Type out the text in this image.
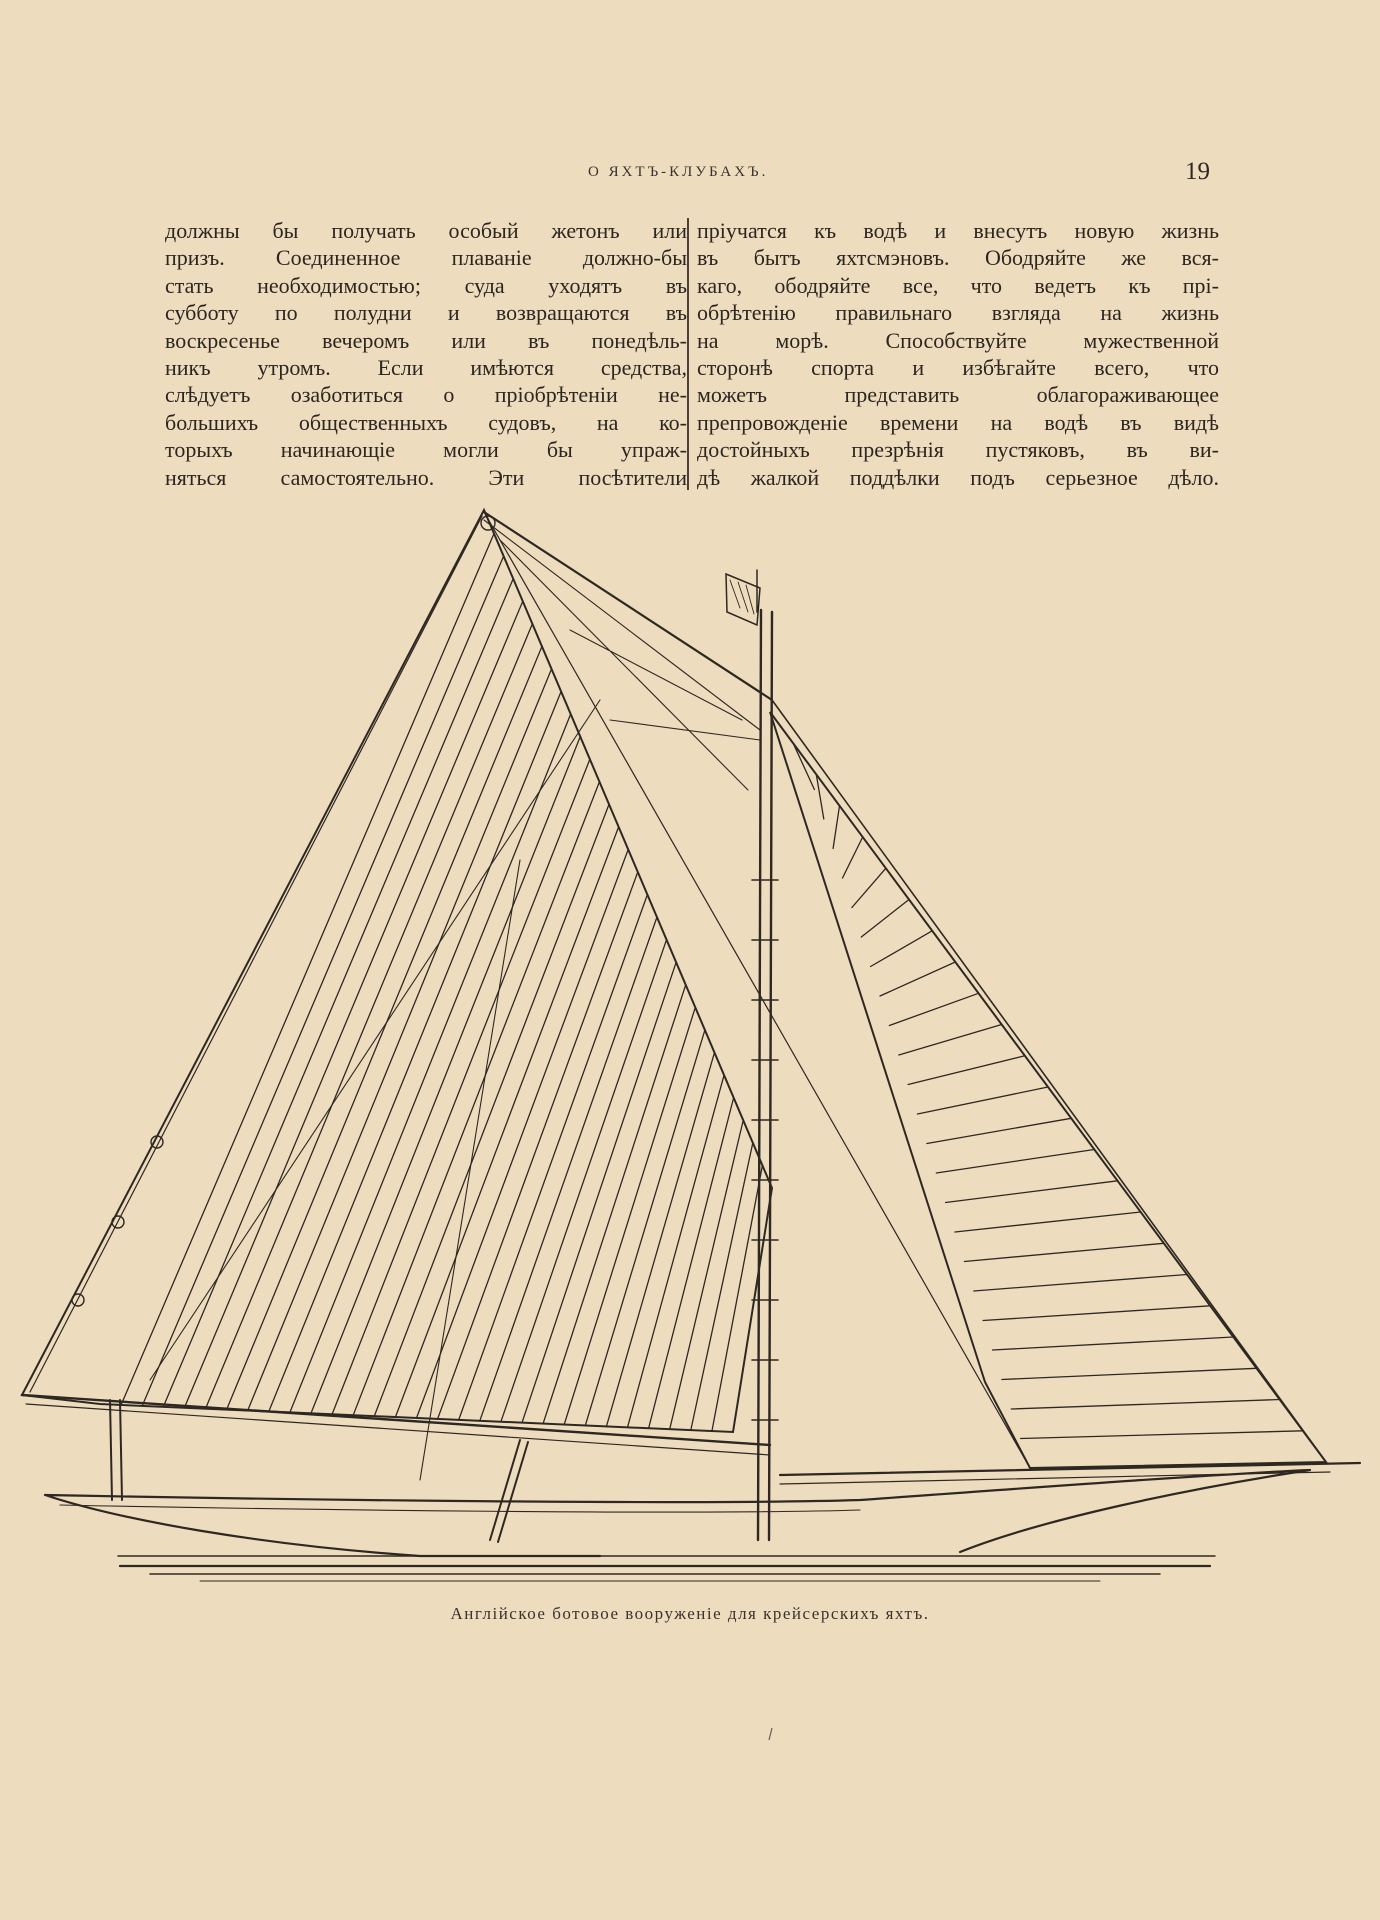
О ЯХТЪ-КЛУБАХЪ.	19
должны бы получать особый жетонъ или
призъ. Соединенное плаванiе должно-бы
стать необходимостью; суда уходятъ въ
субботу по полудни и возвращаются въ
воскресенье вечеромъ или въ понедѣль-
никъ утромъ. Если имѣются средства,
слѣдуетъ озаботиться о прiобрѣтенiи не-
большихъ общественныхъ судовъ, на ко-
торыхъ начинающiе могли бы упраж-
няться самостоятельно. Эти посѣтители
прiучатся къ водѣ и внесутъ новую жизнь
въ бытъ яхтсмэновъ. Ободряйте же вся-
каго, ободряйте все, что ведетъ къ прi-
обрѣтенiю правильнаго взгляда на жизнь
на морѣ. Способствуйте мужественной
сторонѣ спорта и избѣгайте всего, что
можетъ представить облагораживающее
препровожденiе времени на водѣ въ видѣ
достойныхъ презрѣнiя пустяковъ, въ ви-
дѣ жалкой поддѣлки подъ серьезное дѣло.
Англiйское ботовое вооруженiе для крейсерскихъ яхтъ.
